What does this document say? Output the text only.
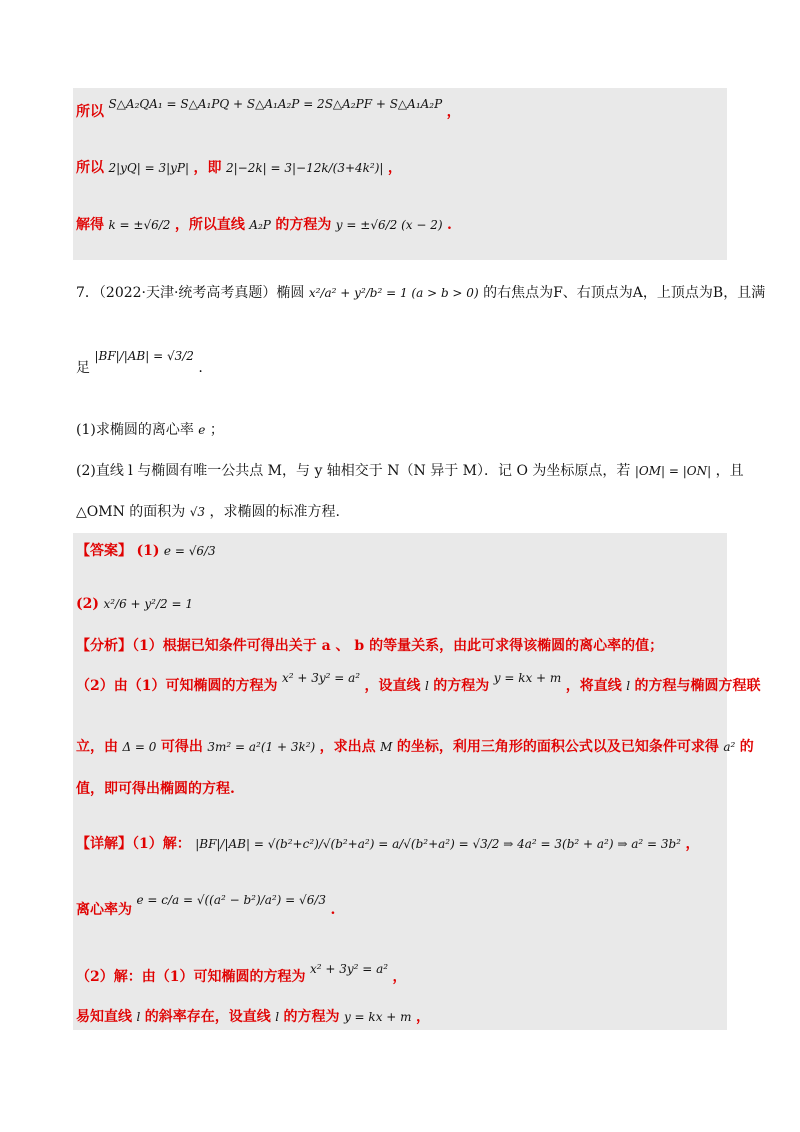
所以 S△A₂QA₁ = S△A₁PQ + S△A₁A₂P = 2S△A₂PF + S△A₁A₂P ，
所以 2|yQ| = 3|yP| ，即 2|−2k| = 3|−12k/(3+4k²)| ，
解得 k = ±√6/2 ，所以直线 A₂P 的方程为 y = ±√6/2 (x − 2) .
7．（2022·天津·统考高考真题）椭圆 x²/a² + y²/b² = 1 (a > b > 0) 的右焦点为F、右顶点为A，上顶点为B，且满
足 |BF|/|AB| = √3/2 .
(1)求椭圆的离心率 e ；
(2)直线 l 与椭圆有唯一公共点 M，与 y 轴相交于 N（N 异于 M）．记 O 为坐标原点，若 |OM| = |ON| ，且
△OMN 的面积为 √3 ，求椭圆的标准方程.
【答案】 (1) e = √6/3
(2) x²/6 + y²/2 = 1
【分析】（1）根据已知条件可得出关于 a 、 b 的等量关系，由此可求得该椭圆的离心率的值；
（2）由（1）可知椭圆的方程为 x² + 3y² = a² ，设直线 l 的方程为 y = kx + m ，将直线 l 的方程与椭圆方程联
立，由 Δ = 0 可得出 3m² = a²(1 + 3k²) ，求出点 M 的坐标，利用三角形的面积公式以及已知条件可求得 a² 的
值，即可得出椭圆的方程.
【详解】（1）解： |BF|/|AB| = √(b²+c²)/√(b²+a²) = a/√(b²+a²) = √3/2 ⇒ 4a² = 3(b² + a²) ⇒ a² = 3b² ，
离心率为 e = c/a = √((a² − b²)/a²) = √6/3 .
（2）解：由（1）可知椭圆的方程为 x² + 3y² = a² ，
易知直线 l 的斜率存在，设直线 l 的方程为 y = kx + m ，
